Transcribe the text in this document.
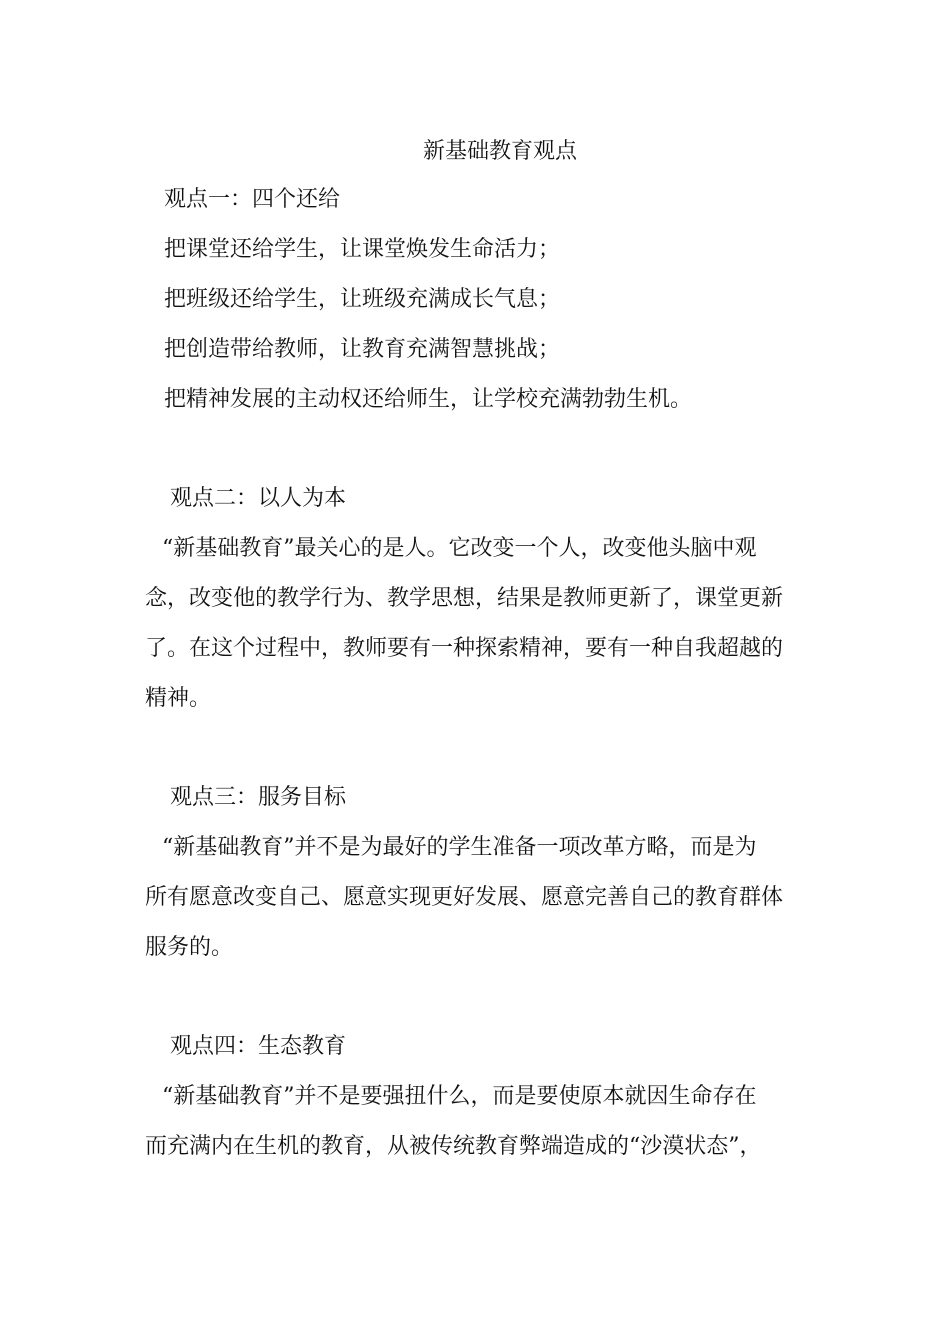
新基础教育观点
观点一：四个还给
把课堂还给学生，让课堂焕发生命活力；
把班级还给学生，让班级充满成长气息；
把创造带给教师，让教育充满智慧挑战；
把精神发展的主动权还给师生，让学校充满勃勃生机。
观点二：以人为本
“新基础教育”最关心的是人。它改变一个人，改变他头脑中观
念，改变他的教学行为、教学思想，结果是教师更新了，课堂更新
了。在这个过程中，教师要有一种探索精神，要有一种自我超越的
精神。
观点三：服务目标
“新基础教育”并不是为最好的学生准备一项改革方略，而是为
所有愿意改变自己、愿意实现更好发展、愿意完善自己的教育群体
服务的。
观点四：生态教育
“新基础教育”并不是要强扭什么，而是要使原本就因生命存在
而充满内在生机的教育，从被传统教育弊端造成的“沙漠状态”，
